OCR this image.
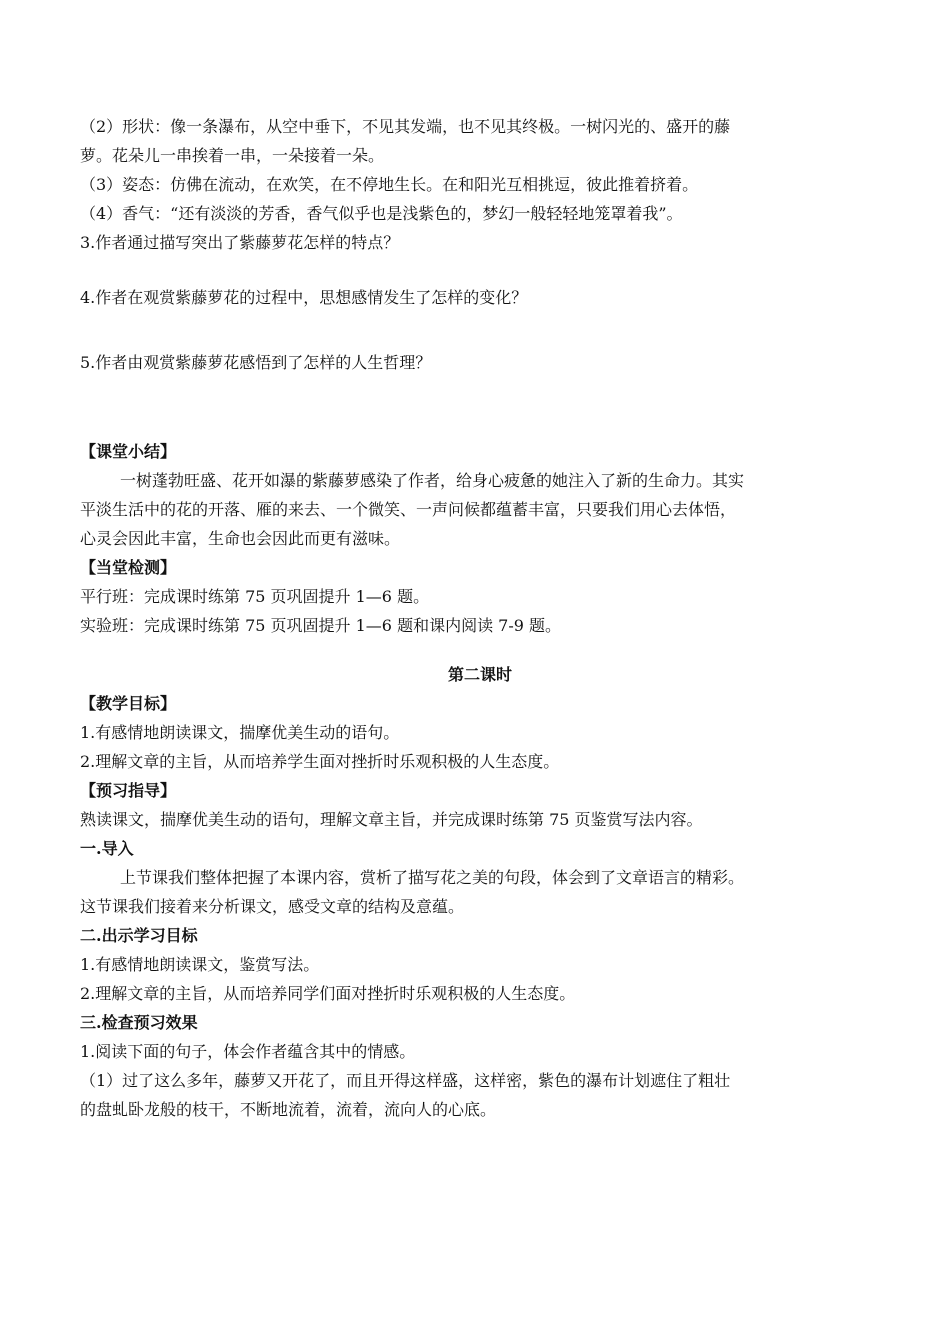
（2）形状：像一条瀑布，从空中垂下，不见其发端，也不见其终极。一树闪光的、盛开的藤

萝。花朵儿一串挨着一串，一朵接着一朵。

（3）姿态：仿佛在流动，在欢笑，在不停地生长。在和阳光互相挑逗，彼此推着挤着。

（4）香气：“还有淡淡的芳香，香气似乎也是浅紫色的，梦幻一般轻轻地笼罩着我”。

3.作者通过描写突出了紫藤萝花怎样的特点？

4.作者在观赏紫藤萝花的过程中，思想感情发生了怎样的变化？

5.作者由观赏紫藤萝花感悟到了怎样的人生哲理？

【课堂小结】

一树蓬勃旺盛、花开如瀑的紫藤萝感染了作者，给身心疲惫的她注入了新的生命力。其实

平淡生活中的花的开落、雁的来去、一个微笑、一声问候都蕴蓄丰富，只要我们用心去体悟，

心灵会因此丰富，生命也会因此而更有滋味。

【当堂检测】

平行班：完成课时练第 75 页巩固提升 1—6 题。

实验班：完成课时练第 75 页巩固提升 1—6 题和课内阅读 7-9 题。

第二课时

【教学目标】

1.有感情地朗读课文，揣摩优美生动的语句。

2.理解文章的主旨，从而培养学生面对挫折时乐观积极的人生态度。

【预习指导】

熟读课文，揣摩优美生动的语句，理解文章主旨，并完成课时练第 75 页鉴赏写法内容。

一.导入

上节课我们整体把握了本课内容，赏析了描写花之美的句段，体会到了文章语言的精彩。

这节课我们接着来分析课文，感受文章的结构及意蕴。

二.出示学习目标

1.有感情地朗读课文，鉴赏写法。

2.理解文章的主旨，从而培养同学们面对挫折时乐观积极的人生态度。

三.检查预习效果

1.阅读下面的句子，体会作者蕴含其中的情感。

（1）过了这么多年，藤萝又开花了，而且开得这样盛，这样密，紫色的瀑布计划遮住了粗壮

的盘虬卧龙般的枝干，不断地流着，流着，流向人的心底。
